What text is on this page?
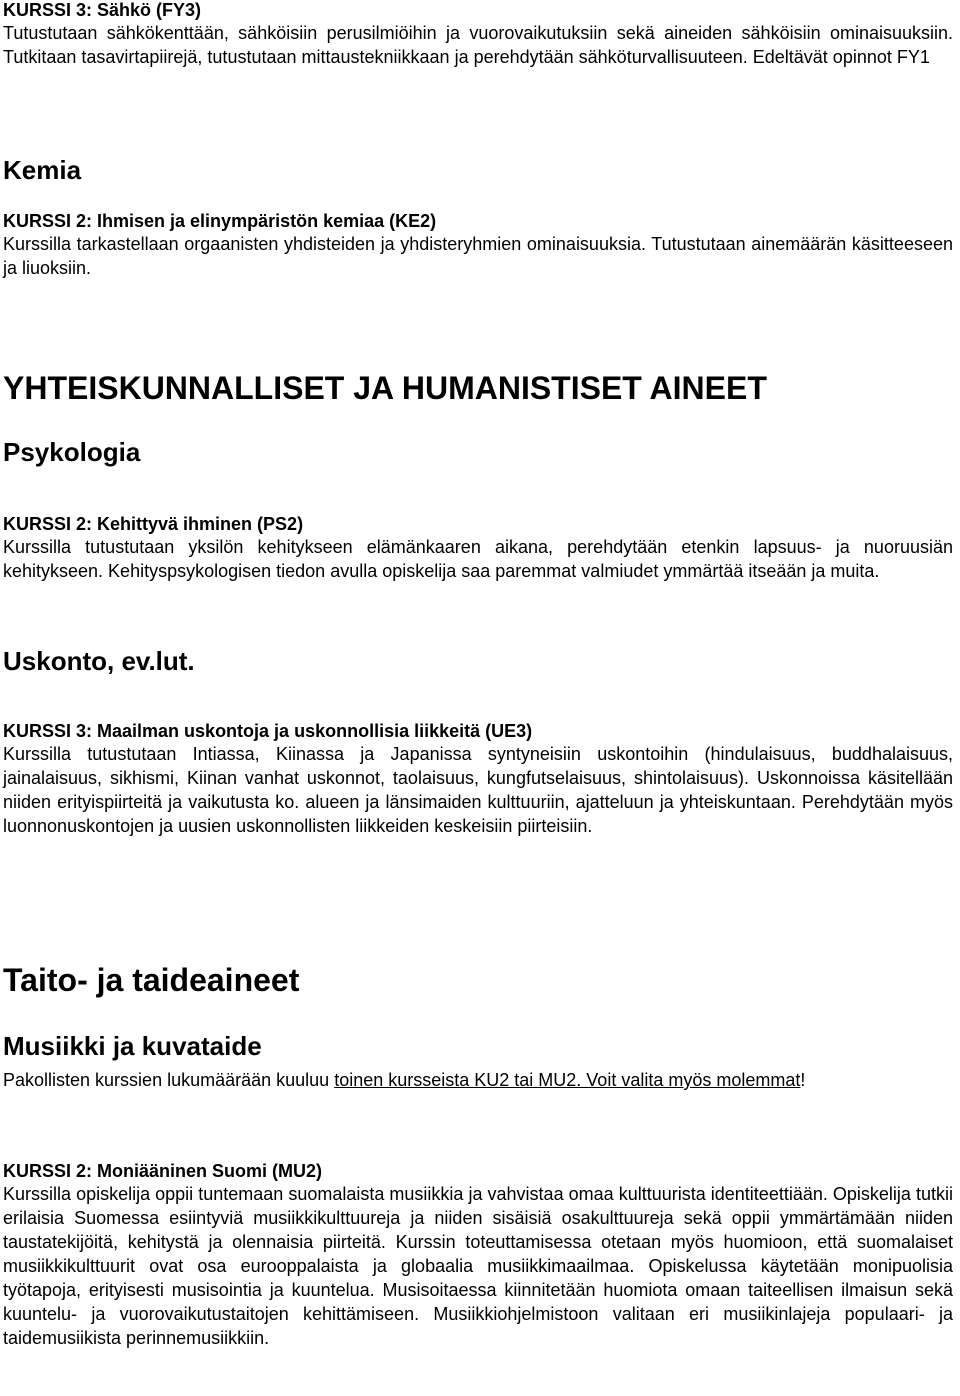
KURSSI 3: Sähkö (FY3)

Tutustutaan sähkökenttään, sähköisiin perusilmiöihin ja vuorovaikutuksiin sekä aineiden sähköisiin ominaisuuksiin. Tutkitaan tasavirtapiirejä, tutustutaan mittaustekniikkaan ja perehdytään sähköturvallisuuteen. Edeltävät opinnot FY1

Kemia

KURSSI 2: Ihmisen ja elinympäristön kemiaa (KE2)

Kurssilla tarkastellaan orgaanisten yhdisteiden ja yhdisteryhmien ominaisuuksia. Tutustutaan ainemäärän käsitteeseen ja liuoksiin.

YHTEISKUNNALLISET JA HUMANISTISET AINEET
Psykologia

KURSSI 2: Kehittyvä ihminen (PS2)

Kurssilla tutustutaan yksilön kehitykseen elämänkaaren aikana, perehdytään etenkin lapsuus- ja nuoruusiän kehitykseen. Kehityspsykologisen tiedon avulla opiskelija saa paremmat valmiudet ymmärtää itseään ja muita.

Uskonto, ev.lut.

KURSSI 3: Maailman uskontoja ja uskonnollisia liikkeitä (UE3)

Kurssilla tutustutaan Intiassa, Kiinassa ja Japanissa syntyneisiin uskontoihin (hindulaisuus, buddhalaisuus, jainalaisuus, sikhismi, Kiinan vanhat uskonnot, taolaisuus, kungfutselaisuus, shintolaisuus). Uskonnoissa käsitellään niiden erityispiirteitä ja vaikutusta ko. alueen ja länsimaiden kulttuuriin, ajatteluun ja yhteiskuntaan. Perehdytään myös luonnonuskontojen ja uusien uskonnollisten liikkeiden keskeisiin piirteisiin.

Taito- ja taideaineet
Musiikki ja kuvataide

Pakollisten kurssien lukumäärään kuuluu toinen kursseista KU2 tai MU2. Voit valita myös molemmat!

KURSSI 2: Moniääninen Suomi (MU2)

Kurssilla opiskelija oppii tuntemaan suomalaista musiikkia ja vahvistaa omaa kulttuurista identiteettiään. Opiskelija tutkii erilaisia Suomessa esiintyviä musiikkikulttuureja ja niiden sisäisiä osakulttuureja sekä oppii ymmärtämään niiden taustatekijöitä, kehitystä ja olennaisia piirteitä. Kurssin toteuttamisessa otetaan myös huomioon, että suomalaiset musiikkikulttuurit ovat osa eurooppalaista ja globaalia musiikkimaailmaa. Opiskelussa käytetään monipuolisia työtapoja, erityisesti musisointia ja kuuntelua. Musisoitaessa kiinnitetään huomiota omaan taiteellisen ilmaisun sekä kuuntelu- ja vuorovaikutustaitojen kehittämiseen. Musiikkiohjelmistoon valitaan eri musiikinlajeja populaari- ja taidemusiikista perinnemusiikkiin.
